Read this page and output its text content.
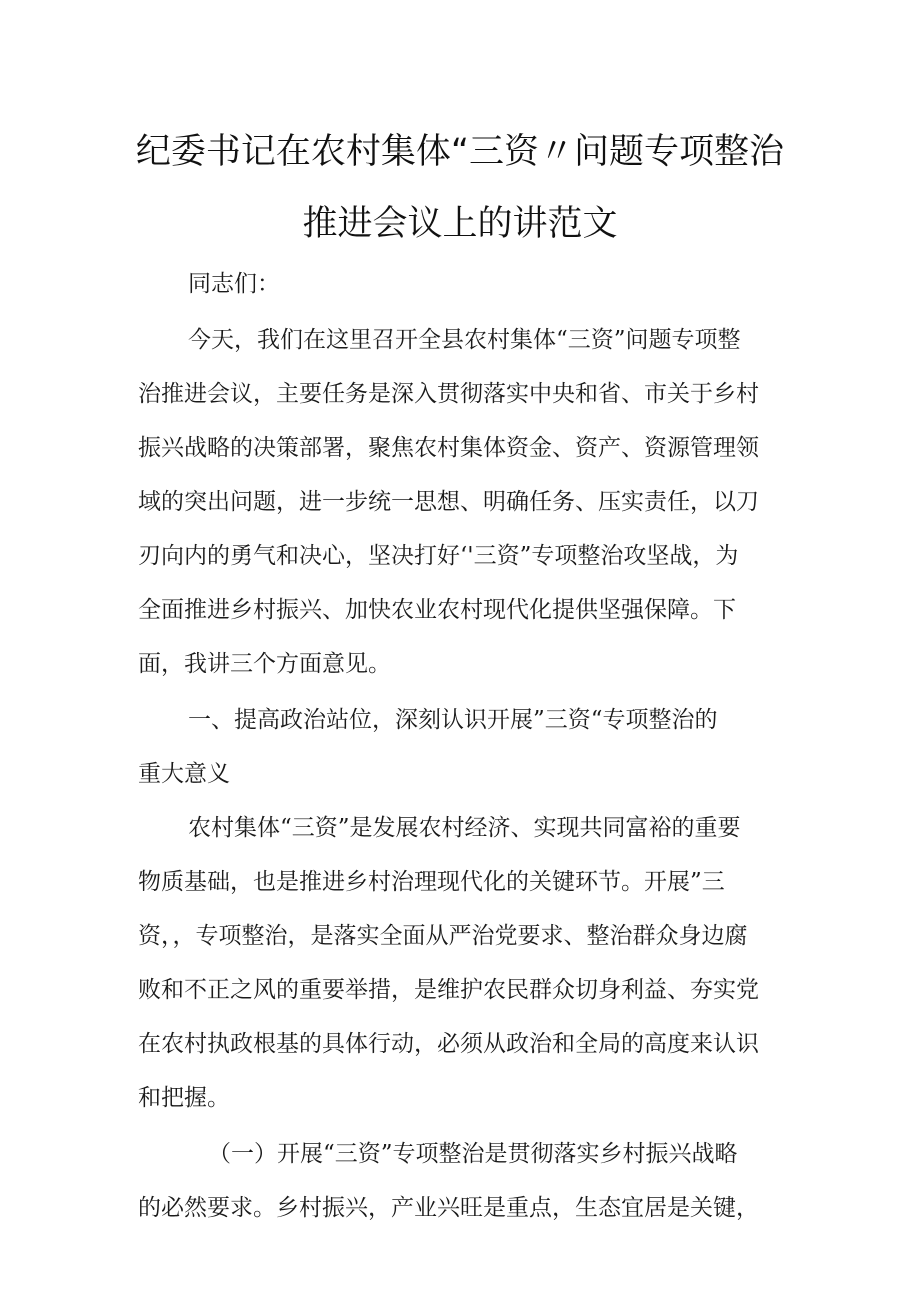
纪委书记在农村集体“三资〃问题专项整治
推进会议上的讲范文
同志们：
今天，我们在这里召开全县农村集体“三资”问题专项整
治推进会议，主要任务是深入贯彻落实中央和省、市关于乡村
振兴战略的决策部署，聚焦农村集体资金、资产、资源管理领
域的突出问题，进一步统一思想、明确任务、压实责任，以刀
刃向内的勇气和决心，坚决打好‘'三资”专项整治攻坚战，为
全面推进乡村振兴、加快农业农村现代化提供坚强保障。下
面，我讲三个方面意见。
一、提高政治站位，深刻认识开展”三资“专项整治的
重大意义
农村集体“三资”是发展农村经济、实现共同富裕的重要
物质基础，也是推进乡村治理现代化的关键环节。开展”三
资，，专项整治，是落实全面从严治党要求、整治群众身边腐
败和不正之风的重要举措，是维护农民群众切身利益、夯实党
在农村执政根基的具体行动，必须从政治和全局的高度来认识
和把握。
（一）开展“三资”专项整治是贯彻落实乡村振兴战略
的必然要求。乡村振兴，产业兴旺是重点，生态宜居是关键，
